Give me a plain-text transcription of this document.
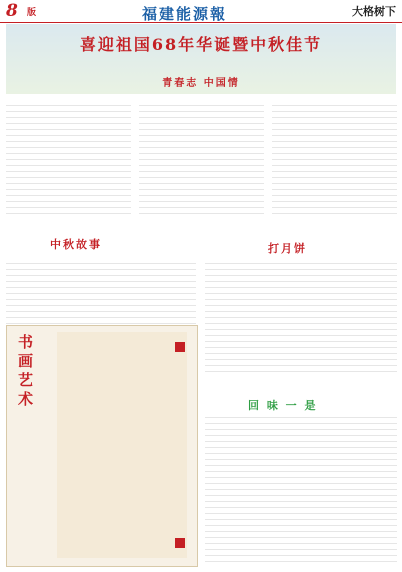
8 版	福建能源報	大格树下
喜迎祖国68年华诞暨中秋佳节
青春志 中国情
中秋故事	打月饼
书画艺术	回 味 一 是
